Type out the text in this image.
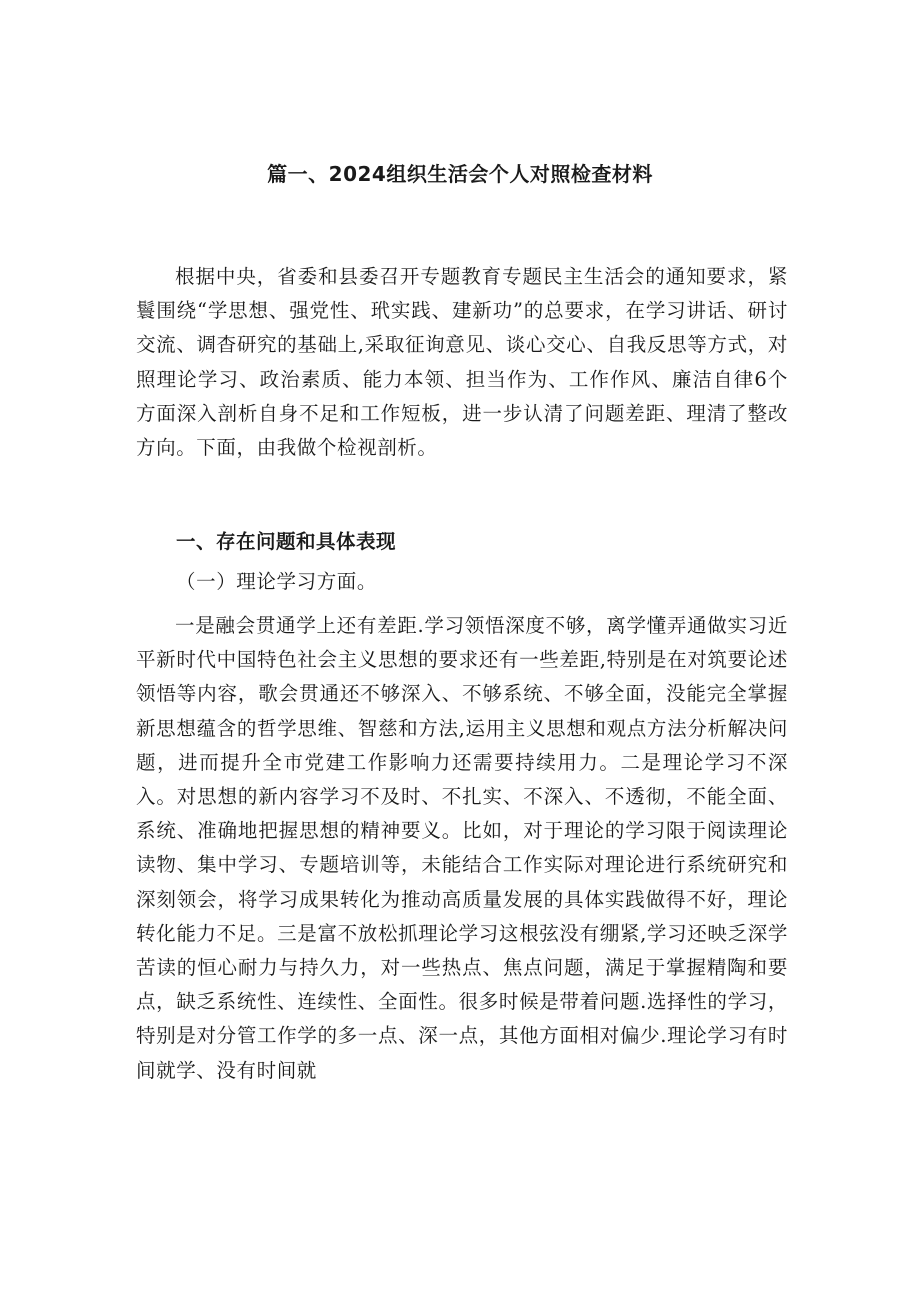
篇一、2024组织生活会个人对照检查材料

根据中央，省委和县委召开专题教育专题民主生活会的通知要求，紧鬟围绕“学思想、强党性、玳实践、建新功”的总要求，在学习讲话、研讨交流、调杳研究的基础上,采取征询意见、谈心交心、自我反思等方式，对照理论学习、政治素质、能力本领、担当作为、工作作风、廉洁自律6个方面深入剖析自身不足和工作短板，进一步认清了问题差距、理清了整改方向。下面，由我做个检视剖析。

一、存在问题和具体表现
（一）理论学习方面。

一是融会贯通学上还有差距.学习领悟深度不够，离学懂弄通做实习近平新时代中国特色社会主义思想的要求还有一些差距,特别是在对筑要论述领悟等内容，歌会贯通还不够深入、不够系统、不够全面，没能完全掌握新思想蕴含的哲学思维、智慈和方法,运用主义思想和观点方法分析解决问题，进而提升全市党建工作影响力还需要持续用力。二是理论学习不深入。对思想的新内容学习不及时、不扎实、不深入、不透彻，不能全面、系统、准确地把握思想的精神要义。比如，对于理论的学习限于阅读理论读物、集中学习、专题培训等，未能结合工作实际对理论进行系统研究和深刻领会，将学习成果转化为推动高质量发展的具体实践做得不好，理论转化能力不足。三是富不放松抓理论学习这根弦没有绷紧,学习还映乏深学苦读的恒心耐力与持久力，对一些热点、焦点问题，满足于掌握精陶和要点，缺乏系统性、连续性、全面性。很多时候是带着问题.选择性的学习，特别是对分管工作学的多一点、深一点，其他方面相对偏少.理论学习有时间就学、没有时间就
